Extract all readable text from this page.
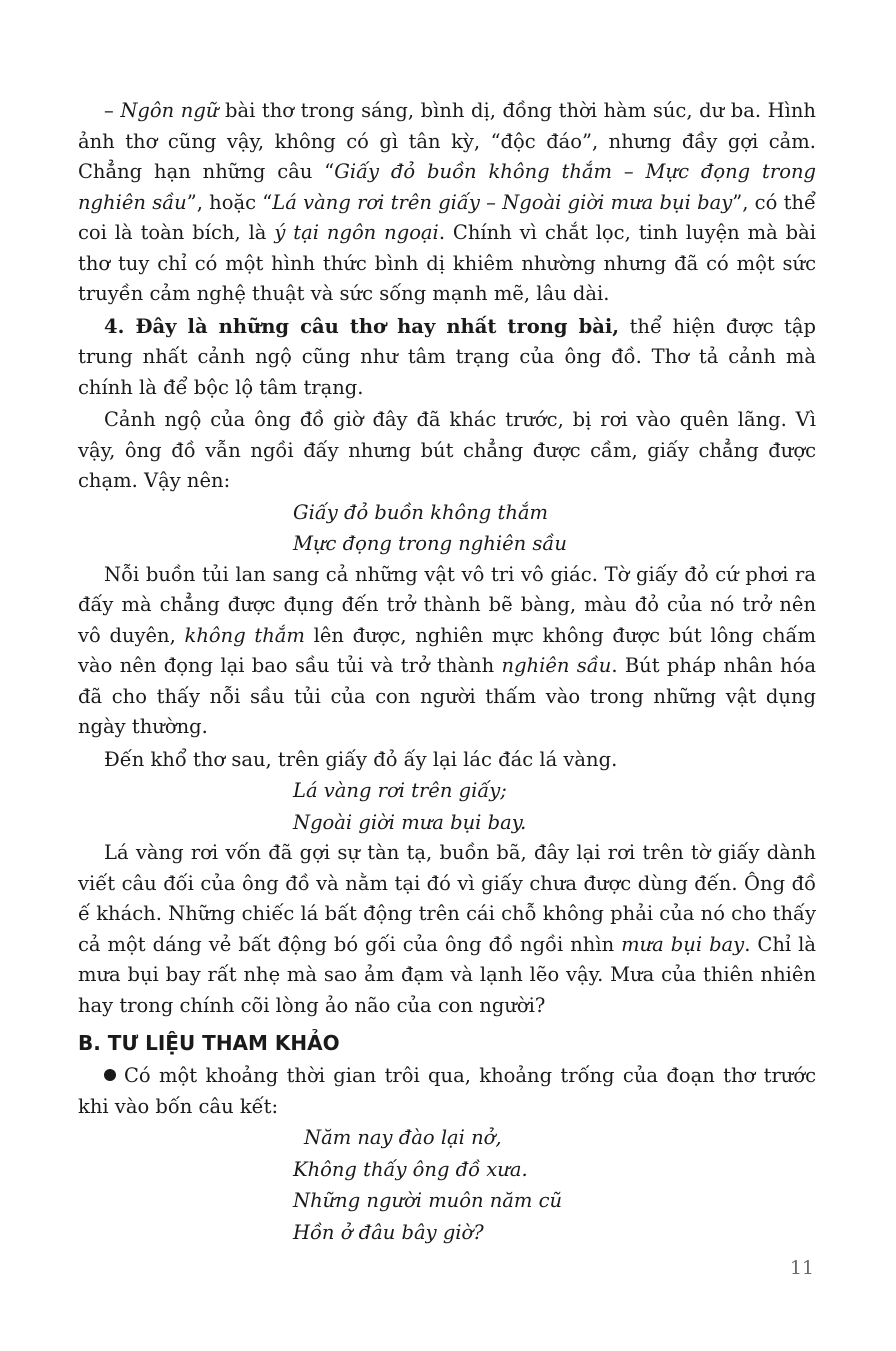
– Ngôn ngữ bài thơ trong sáng, bình dị, đồng thời hàm súc, dư ba. Hình ảnh thơ cũng vậy, không có gì tân kỳ, “độc đáo”, nhưng đầy gợi cảm. Chẳng hạn những câu “Giấy đỏ buồn không thắm – Mực đọng trong nghiên sầu”, hoặc “Lá vàng rơi trên giấy – Ngoài giời mưa bụi bay”, có thể coi là toàn bích, là ý tại ngôn ngoại. Chính vì chắt lọc, tinh luyện mà bài thơ tuy chỉ có một hình thức bình dị khiêm nhường nhưng đã có một sức truyền cảm nghệ thuật và sức sống mạnh mẽ, lâu dài.

4. Đây là những câu thơ hay nhất trong bài, thể hiện được tập trung nhất cảnh ngộ cũng như tâm trạng của ông đồ. Thơ tả cảnh mà chính là để bộc lộ tâm trạng.

Cảnh ngộ của ông đồ giờ đây đã khác trước, bị rơi vào quên lãng. Vì vậy, ông đồ vẫn ngồi đấy nhưng bút chẳng được cầm, giấy chẳng được chạm. Vậy nên:

Giấy đỏ buồn không thắm
Mực đọng trong nghiên sầu

Nỗi buồn tủi lan sang cả những vật vô tri vô giác. Tờ giấy đỏ cứ phơi ra đấy mà chẳng được đụng đến trở thành bẽ bàng, màu đỏ của nó trở nên vô duyên, không thắm lên được, nghiên mực không được bút lông chấm vào nên đọng lại bao sầu tủi và trở thành nghiên sầu. Bút pháp nhân hóa đã cho thấy nỗi sầu tủi của con người thấm vào trong những vật dụng ngày thường.

Đến khổ thơ sau, trên giấy đỏ ấy lại lác đác lá vàng.

Lá vàng rơi trên giấy;
Ngoài giời mưa bụi bay.

Lá vàng rơi vốn đã gợi sự tàn tạ, buồn bã, đây lại rơi trên tờ giấy dành viết câu đối của ông đồ và nằm tại đó vì giấy chưa được dùng đến. Ông đồ ế khách. Những chiếc lá bất động trên cái chỗ không phải của nó cho thấy cả một dáng vẻ bất động bó gối của ông đồ ngồi nhìn mưa bụi bay. Chỉ là mưa bụi bay rất nhẹ mà sao ảm đạm và lạnh lẽo vậy. Mưa của thiên nhiên hay trong chính cõi lòng ảo não của con người?

B. TƯ LIỆU THAM KHẢO

Có một khoảng thời gian trôi qua, khoảng trống của đoạn thơ trước khi vào bốn câu kết:

Năm nay đào lại nở,
Không thấy ông đồ xưa.
Những người muôn năm cũ
Hồn ở đâu bây giờ?
11
